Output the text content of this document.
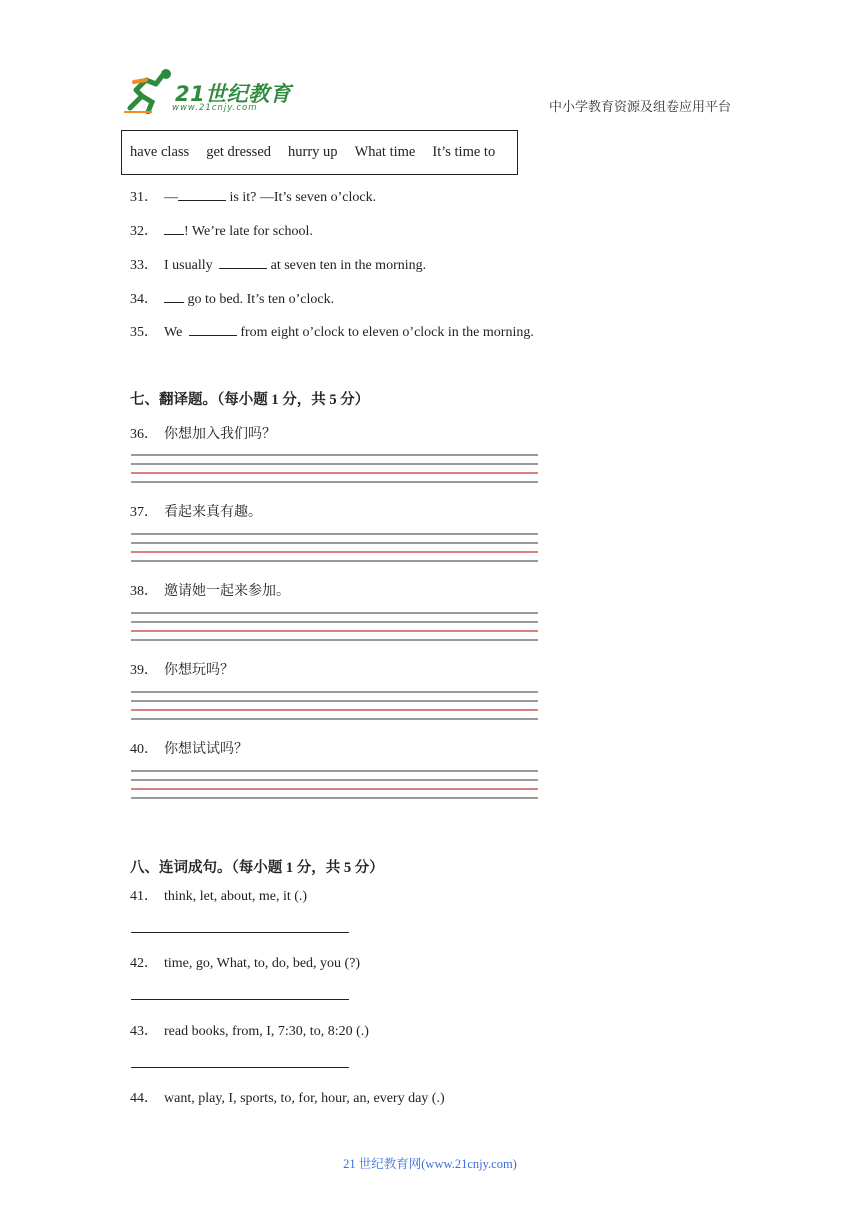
21世纪教育
www.21cnjy.com	中小学教育资源及组卷应用平台
have class get dressed hurry up What time It’s time to
31． —	is it? —It’s seven o’clock.
32． ! We’re late for school.
33． I usually	at seven ten in the morning.
34． go to bed. It’s ten o’clock.
35． We	from eight o’clock to eleven o’clock in the morning.
七、翻译题。（每小题 1 分，共 5 分）
36． 你想加入我们吗？
37． 看起来真有趣。
38． 邀请她一起来参加。
39． 你想玩吗？
40． 你想试试吗？
八、连词成句。（每小题 1 分，共 5 分）
41． think, let, about, me, it (.)
42． time, go, What, to, do, bed, you (?)
43． read books, from, I, 7:30, to, 8:20 (.)
44． want, play, I, sports, to, for, hour, an, every day (.)
21 世纪教育网(www.21cnjy.com)
